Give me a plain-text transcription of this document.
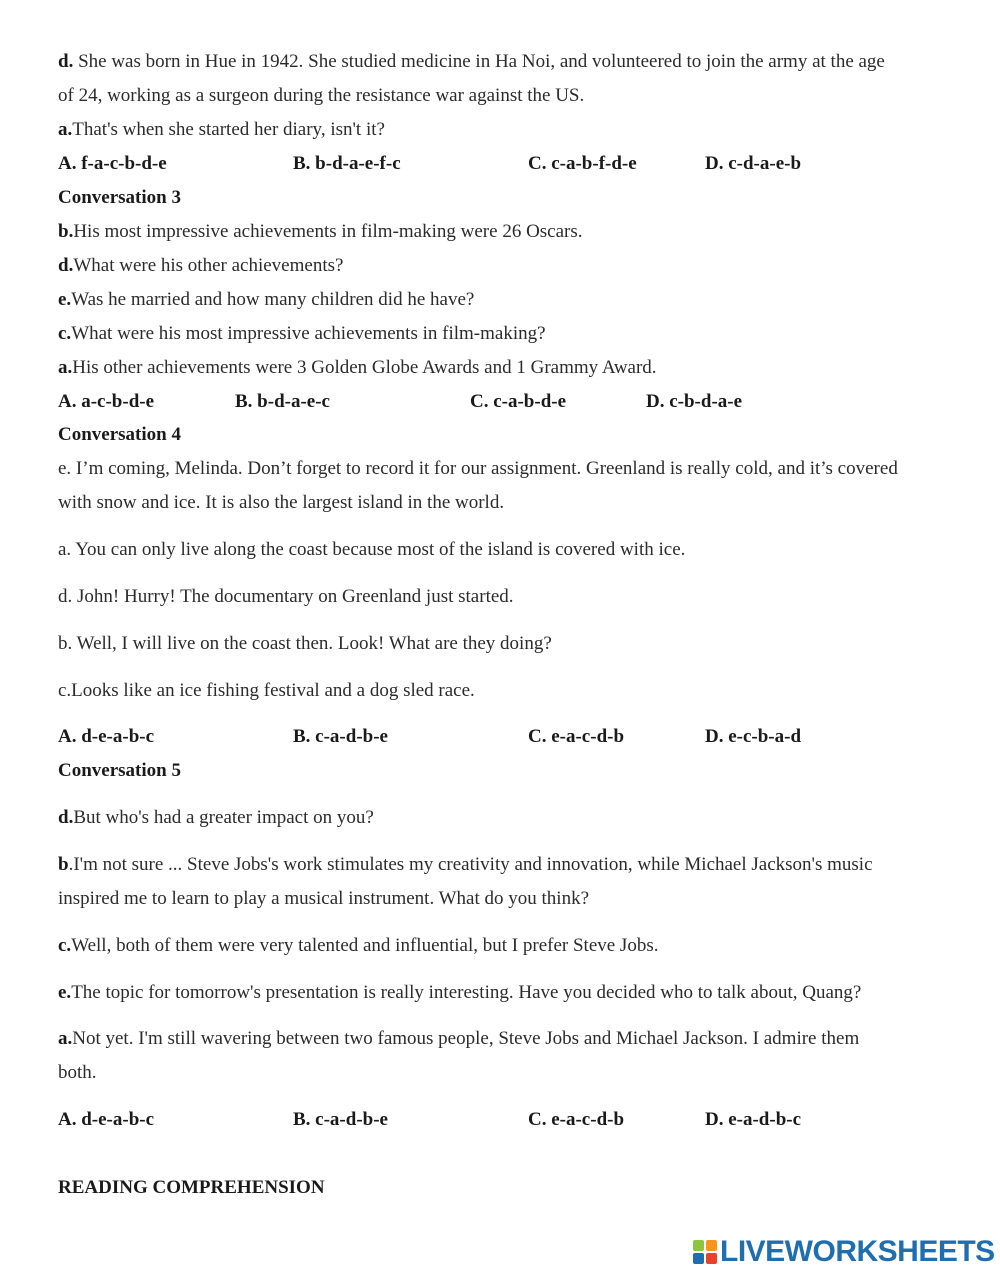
d. She was born in Hue in 1942. She studied medicine in Ha Noi, and volunteered to join the army at the age
of 24, working as a surgeon during the resistance war against the US.
a.That's when she started her diary, isn't it?
A. f-a-c-b-d-e	B. b-d-a-e-f-c	C. c-a-b-f-d-e	D. c-d-a-e-b
Conversation 3
b.His most impressive achievements in film-making were 26 Oscars.
d.What were his other achievements?
e.Was he married and how many children did he have?
c.What were his most impressive achievements in film-making?
a.His other achievements were 3 Golden Globe Awards and 1 Grammy Award.
A. a-c-b-d-e	B. b-d-a-e-c	C. c-a-b-d-e	D. c-b-d-a-e
Conversation 4
e. I’m coming, Melinda. Don’t forget to record it for our assignment. Greenland is really cold, and it’s covered
with snow and ice. It is also the largest island in the world.
a. You can only live along the coast because most of the island is covered with ice.
d. John! Hurry! The documentary on Greenland just started.
b. Well, I will live on the coast then. Look! What are they doing?
c.Looks like an ice fishing festival and a dog sled race.
A. d-e-a-b-c	B. c-a-d-b-e	C. e-a-c-d-b	D. e-c-b-a-d
Conversation 5
d.But who's had a greater impact on you?
b.I'm not sure ... Steve Jobs's work stimulates my creativity and innovation, while Michael Jackson's music
inspired me to learn to play a musical instrument. What do you think?
c.Well, both of them were very talented and influential, but I prefer Steve Jobs.
e.The topic for tomorrow's presentation is really interesting. Have you decided who to talk about, Quang?
a.Not yet. I'm still wavering between two famous people, Steve Jobs and Michael Jackson. I admire them
both.
A. d-e-a-b-c	B. c-a-d-b-e	C. e-a-c-d-b	D. e-a-d-b-c
READING COMPREHENSION
LIVEWORKSHEETS
